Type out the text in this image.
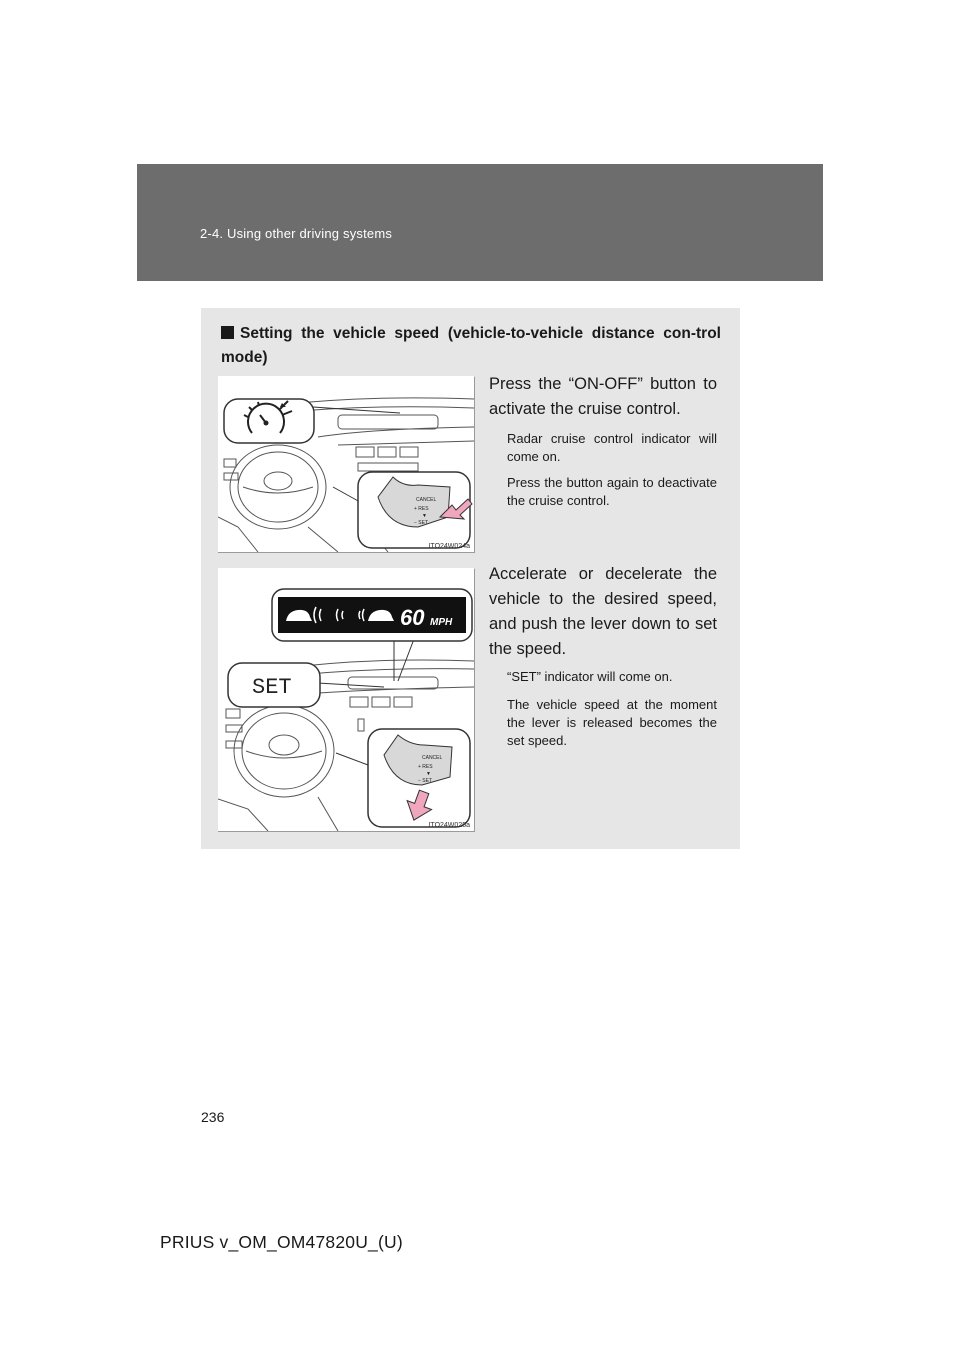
2-4. Using other driving systems
Setting the vehicle speed (vehicle-to-vehicle distance con-trol mode)
CANCEL
+ RES
▼
− SET
ITO24W024a
Press the “ON-OFF” button to activate the cruise control.

Radar cruise control indicator will come on.

Press the button again to deactivate the cruise control.

60 MPH
SET
CANCEL
+ RES
▼
− SET
ITO24W025a
Accelerate or decelerate the vehicle to the desired speed, and push the lever down to set the speed.

“SET” indicator will come on.

The vehicle speed at the moment the lever is released becomes the set speed.

236
PRIUS v_OM_OM47820U_(U)
